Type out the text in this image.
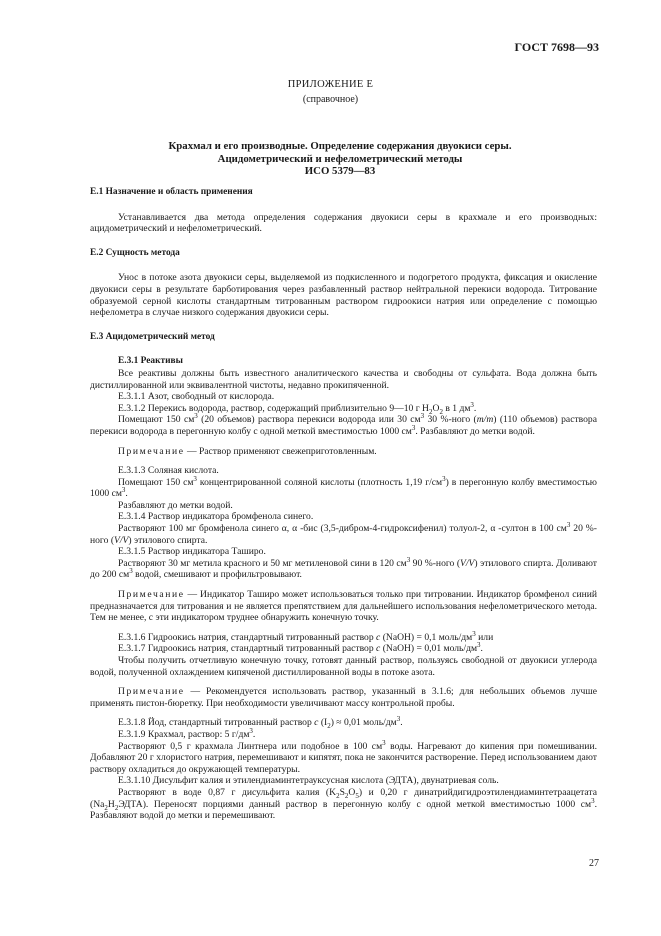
ГОСТ 7698—93
ПРИЛОЖЕНИЕ Е
(справочное)
Крахмал и его производные. Определение содержания двуокиси серы.
Ацидометрический и нефелометрический методы
ИСО 5379—83

Е.1 Назначение и область применения

Устанавливается два метода определения содержания двуокиси серы в крахмале и его производных: ацидометрический и нефелометрический.

Е.2 Сущность метода

Унос в потоке азота двуокиси серы, выделяемой из подкисленного и подогретого продукта, фиксация и окисление двуокиси серы в результате барботирования через разбавленный раствор нейтральной перекиси водорода. Титрование образуемой серной кислоты стандартным титрованным раствором гидроокиси натрия или определение с помощью нефелометра в случае низкого содержания двуокиси серы.

Е.3 Ацидометрический метод

Е.3.1 Реактивы

Все реактивы должны быть известного аналитического качества и свободны от сульфата. Вода должна быть дистиллированной или эквивалентной чистоты, недавно прокипяченной.

Е.3.1.1 Азот, свободный от кислорода.

Е.3.1.2 Перекись водорода, раствор, содержащий приблизительно 9—10 г $H_2O_2$ в 1 $дм^3$.

Помещают 150 $см^3$ (20 объемов) раствора перекиси водорода или 30 $см^3$ 30 %-ного (m/m) (110 объемов) раствора перекиси водорода в перегонную колбу с одной меткой вместимостью 1000 $см^3$. Разбавляют до метки водой.

Примечание — Раствор применяют свежеприготовленным.

Е.3.1.3 Соляная кислота.

Помещают 150 $см^3$ концентрированной соляной кислоты (плотность 1,19 $г/см^3$) в перегонную колбу вместимостью 1000 $см^3$.

Разбавляют до метки водой.

Е.3.1.4 Раствор индикатора бромфенола синего.

Растворяют 100 мг бромфенола синего α, α -бис (3,5-дибром-4-гидроксифенил) толуол-2, α -султон в 100 $см^3$ 20 %-ного (V/V) этилового спирта.

Е.3.1.5 Раствор индикатора Таширо.

Растворяют 30 мг метила красного и 50 мг метиленовой сини в 120 $см^3$ 90 %-ного (V/V) этилового спирта. Доливают до 200 $см^3$ водой, смешивают и профильтровывают.

Примечание — Индикатор Таширо может использоваться только при титровании. Индикатор бромфенол синий предназначается для титрования и не является препятствием для дальнейшего использования нефелометрического метода. Тем не менее, с эти индикатором труднее обнаружить конечную точку.

Е.3.1.6 Гидроокись натрия, стандартный титрованный раствор c (NaOH) = 0,1 моль/$дм^3$ или

Е.3.1.7 Гидроокись натрия, стандартный титрованный раствор c (NaOH) = 0,01 моль/$дм^3$.

Чтобы получить отчетливую конечную точку, готовят данный раствор, пользуясь свободной от двуокиси углерода водой, полученной охлаждением кипяченой дистиллированной воды в потоке азота.

Примечание — Рекомендуется использовать раствор, указанный в 3.1.6; для небольших объемов лучше применять пистон-бюретку. При необходимости увеличивают массу контрольной пробы.

Е.3.1.8 Йод, стандартный титрованный раствор c $(I_2) \approx 0,01$ моль/$дм^3$.

Е.3.1.9 Крахмал, раствор: 5 $г/дм^3$.

Растворяют 0,5 г крахмала Линтнера или подобное в 100 $см^3$ воды. Нагревают до кипения при помешивании. Добавляют 20 г хлористого натрия, перемешивают и кипятят, пока не закончится растворение. Перед использованием дают раствору охладиться до окружающей температуры.

Е.3.1.10 Дисульфит калия и этилендиаминтетрауксусная кислота (ЭДТА), двунатриевая соль.

Растворяют в воде 0,87 г дисульфита калия $(K_2S_2O_5)$ и 0,20 г динатрийдигидроэтилендиаминтетраацетата $(Na_2H_2ЭДТА)$. Переносят порциями данный раствор в перегонную колбу с одной меткой вместимостью 1000 $см^3$. Разбавляют водой до метки и перемешивают.

27
